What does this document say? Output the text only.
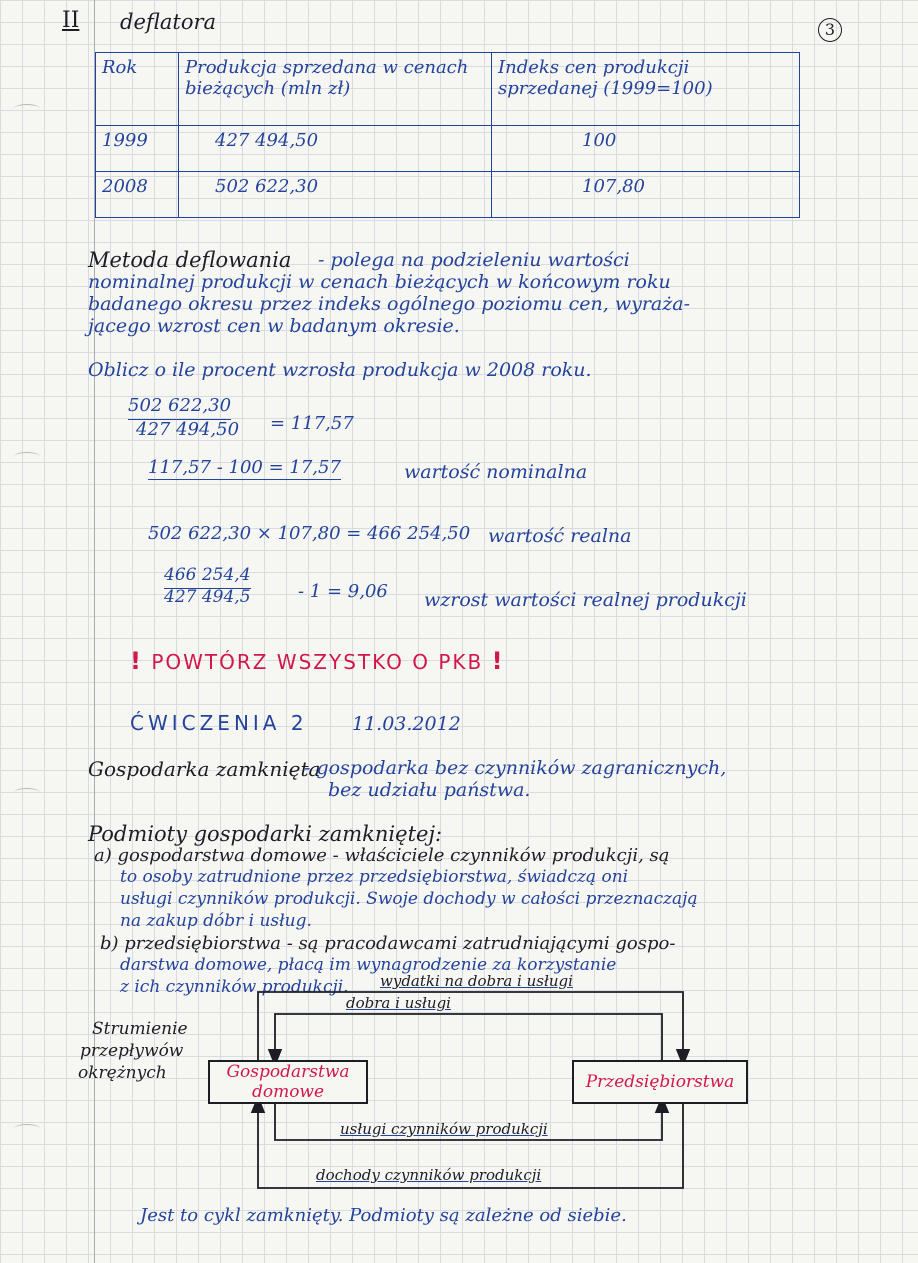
II deflatora	3
Rok	Produkcja sprzedana w cenach bieżących (mln zł)	Indeks cen produkcji sprzedanej (1999=100)
1999	427 494,50	100
2008	502 622,30	107,80
Metoda deflowania - polega na podzieleniu wartości
nominalnej produkcji w cenach bieżących w końcowym roku
badanego okresu przez indeks ogólnego poziomu cen, wyraża-
jącego wzrost cen w badanym okresie.
Oblicz o ile procent wzrosła produkcja w 2008 roku.
502 622,30
427 494,50 = 117,57
117,57 - 100 = 17,57	wartość nominalna
502 622,30 × 107,80 = 466 254,50 wartość realna
466 254,4
427 494,5	- 1 = 9,06 wzrost wartości realnej produkcji
! POWTÓRZ WSZYSTKO O PKB !
ĆWICZENIA 2 11.03.2012
Gospodarka zamknięta
- gospodarka bez czynników zagranicznych,
bez udziału państwa.
Podmioty gospodarki zamkniętej:
a) gospodarstwa domowe - właściciele czynników produkcji, są
to osoby zatrudnione przez przedsiębiorstwa, świadczą oni
usługi czynników produkcji. Swoje dochody w całości przeznaczają
na zakup dóbr i usług.
b) przedsiębiorstwa - są pracodawcami zatrudniającymi gospo-
darstwa domowe, płacą im wynagrodzenie za korzystanie
z ich czynników produkcji.
Strumienie
przepływów
okrężnych	Gospodarstwa domowe	Przedsiębiorstwa
wydatki na dobra i usługi
dobra i usługi
usługi czynników produkcji
dochody czynników produkcji
Jest to cykl zamknięty. Podmioty są zależne od siebie.
